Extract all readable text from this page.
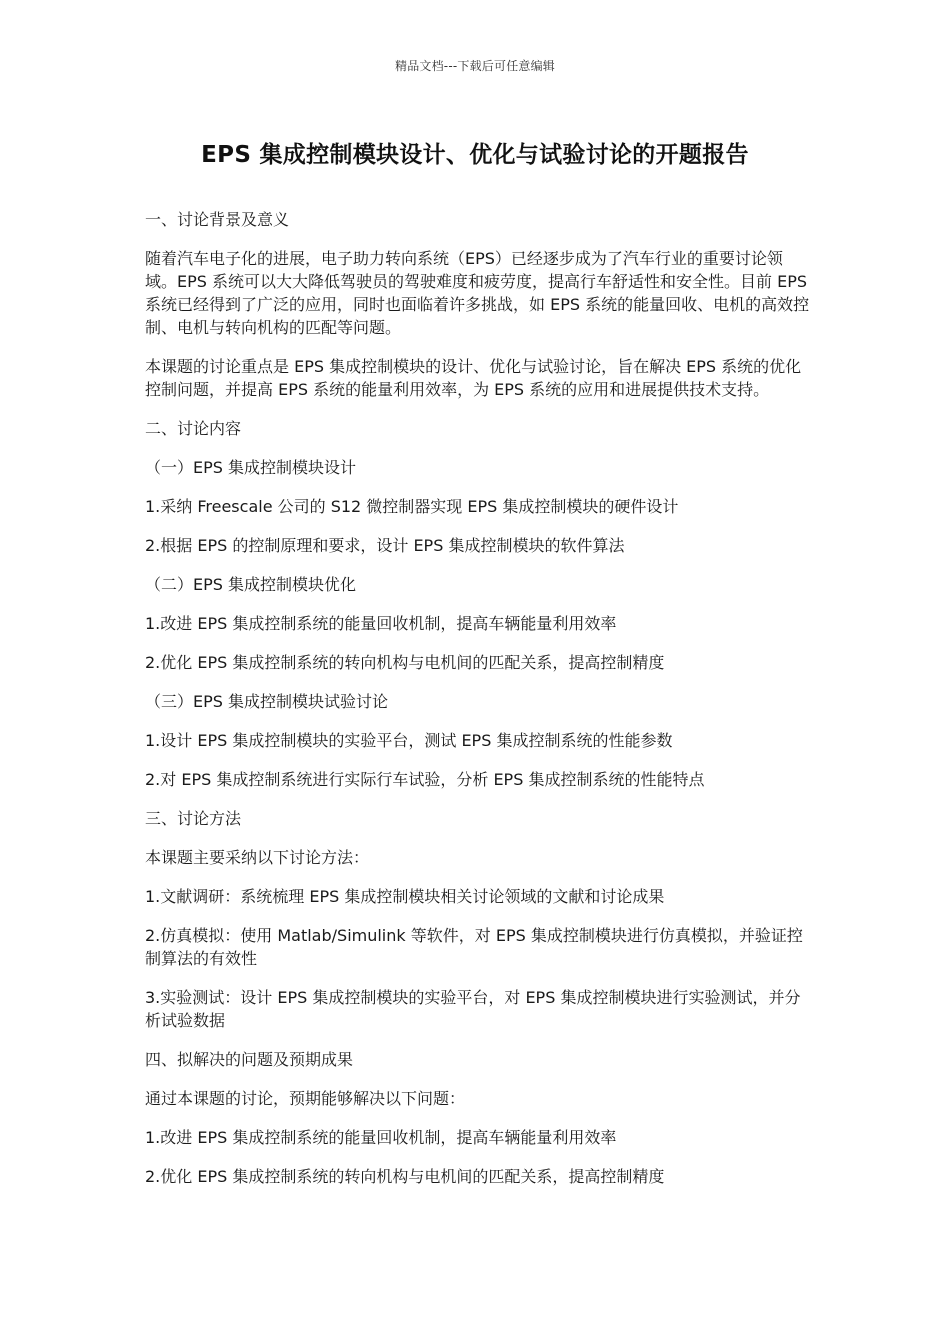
精品文档---下载后可任意编辑
EPS 集成控制模块设计、优化与试验讨论的开题报告

一、讨论背景及意义

随着汽车电子化的进展，电子助力转向系统（EPS）已经逐步成为了汽车行业的重要讨论领域。EPS 系统可以大大降低驾驶员的驾驶难度和疲劳度，提高行车舒适性和安全性。目前 EPS 系统已经得到了广泛的应用，同时也面临着许多挑战，如 EPS 系统的能量回收、电机的高效控制、电机与转向机构的匹配等问题。

本课题的讨论重点是 EPS 集成控制模块的设计、优化与试验讨论，旨在解决 EPS 系统的优化控制问题，并提高 EPS 系统的能量利用效率，为 EPS 系统的应用和进展提供技术支持。

二、讨论内容

（一）EPS 集成控制模块设计

1.采纳 Freescale 公司的 S12 微控制器实现 EPS 集成控制模块的硬件设计

2.根据 EPS 的控制原理和要求，设计 EPS 集成控制模块的软件算法

（二）EPS 集成控制模块优化

1.改进 EPS 集成控制系统的能量回收机制，提高车辆能量利用效率

2.优化 EPS 集成控制系统的转向机构与电机间的匹配关系，提高控制精度

（三）EPS 集成控制模块试验讨论

1.设计 EPS 集成控制模块的实验平台，测试 EPS 集成控制系统的性能参数

2.对 EPS 集成控制系统进行实际行车试验，分析 EPS 集成控制系统的性能特点

三、讨论方法

本课题主要采纳以下讨论方法：

1.文献调研：系统梳理 EPS 集成控制模块相关讨论领域的文献和讨论成果

2.仿真模拟：使用 Matlab/Simulink 等软件，对 EPS 集成控制模块进行仿真模拟，并验证控制算法的有效性

3.实验测试：设计 EPS 集成控制模块的实验平台，对 EPS 集成控制模块进行实验测试，并分析试验数据

四、拟解决的问题及预期成果

通过本课题的讨论，预期能够解决以下问题：

1.改进 EPS 集成控制系统的能量回收机制，提高车辆能量利用效率

2.优化 EPS 集成控制系统的转向机构与电机间的匹配关系，提高控制精度
